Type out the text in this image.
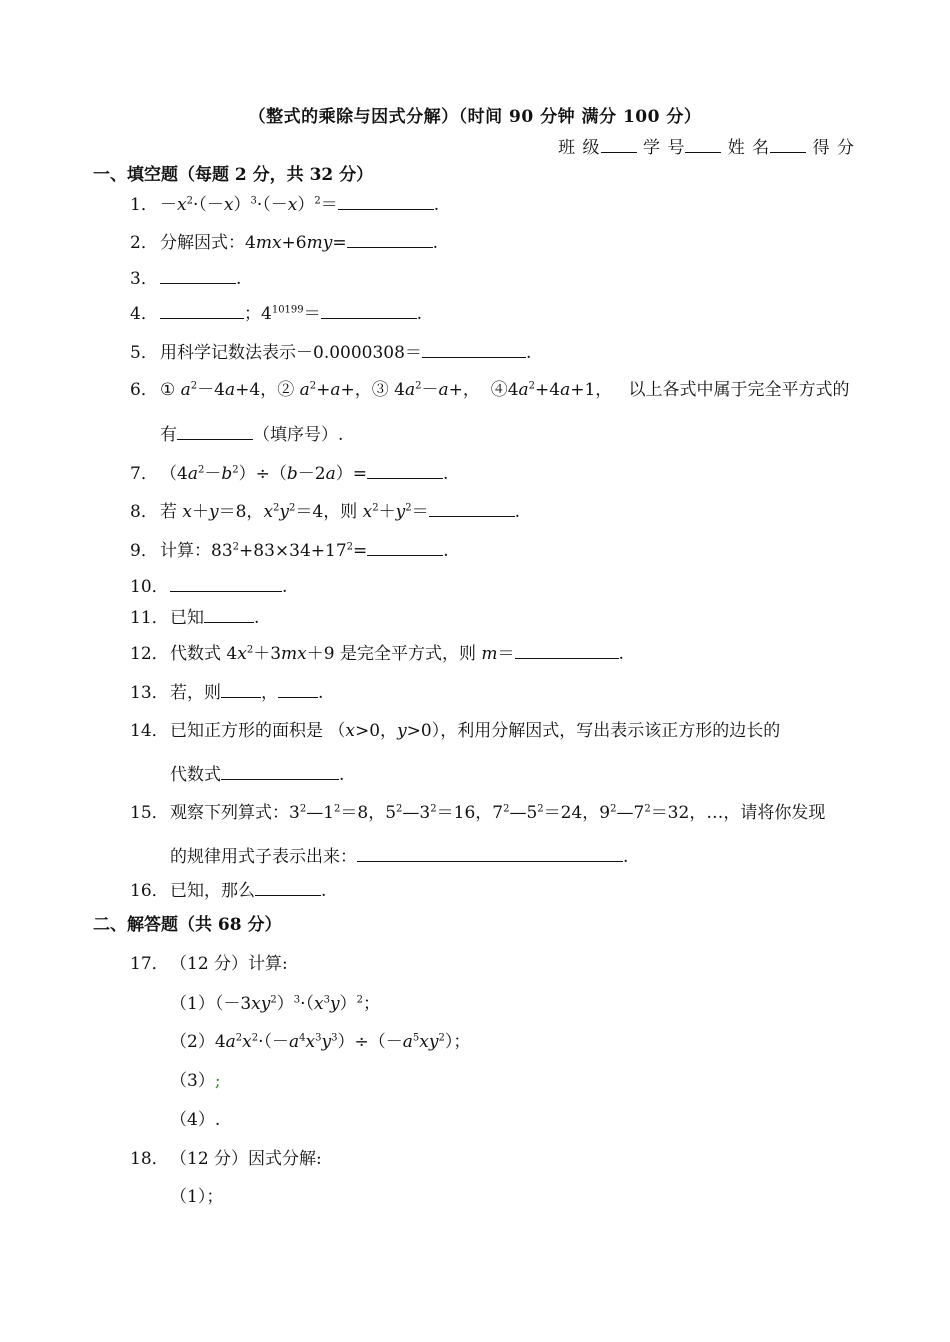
（整式的乘除与因式分解）（时间 90 分钟 满分 100 分）
班 级 学 号 姓 名 得 分
一、填空题（每题 2 分，共 32 分）
1． $-x^2\cdot(-x)^3\cdot(-x)^2=$	.
2． 分解因式：4mx+6my=	.
3．	.
4．	；$4^{10199}=$	.
5． 用科学记数法表示－0.0000308＝	.
6． ① $a^2-4a+4$，② $a^2+a+$，③ $4a^2-a+$，  $④4a^2+4a+1$，   以上各式中属于完全平方式的
有	（填序号）.
7． $(4a^2-b^2)\div(b-2a)=$	.
8． 若 x＋y＝8，$x^2y^2=4$，则 $x^2+y^2=$	.
9． 计算：$83^2+83\times 34+17^2=$	.
10．	.
11．已知	.
12．代数式 $4x^2+3mx+9$ 是完全平方式，则 m＝	.
13．若，则 ， .
14．已知正方形的面积是 （x>0，y>0），利用分解因式，写出表示该正方形的边长的
代数式	.
15．观察下列算式：$3^2—1^2=8$，$5^2—3^2=16$，$7^2—5^2=24$，$9^2—7^2=32$，…，请将你发现
的规律用式子表示出来：	.
16．已知，那么	.
二、解答题（共 68 分）
17．（12 分）计算:
$(1)(-3xy^2)^3\cdot(x^3y)^2$；
$(2)4a^2x^2\cdot(-a^4x^3y^3)\div(-a^5xy^2)$；
（3）;
（4）.
18．（12 分）因式分解:
（1）；
